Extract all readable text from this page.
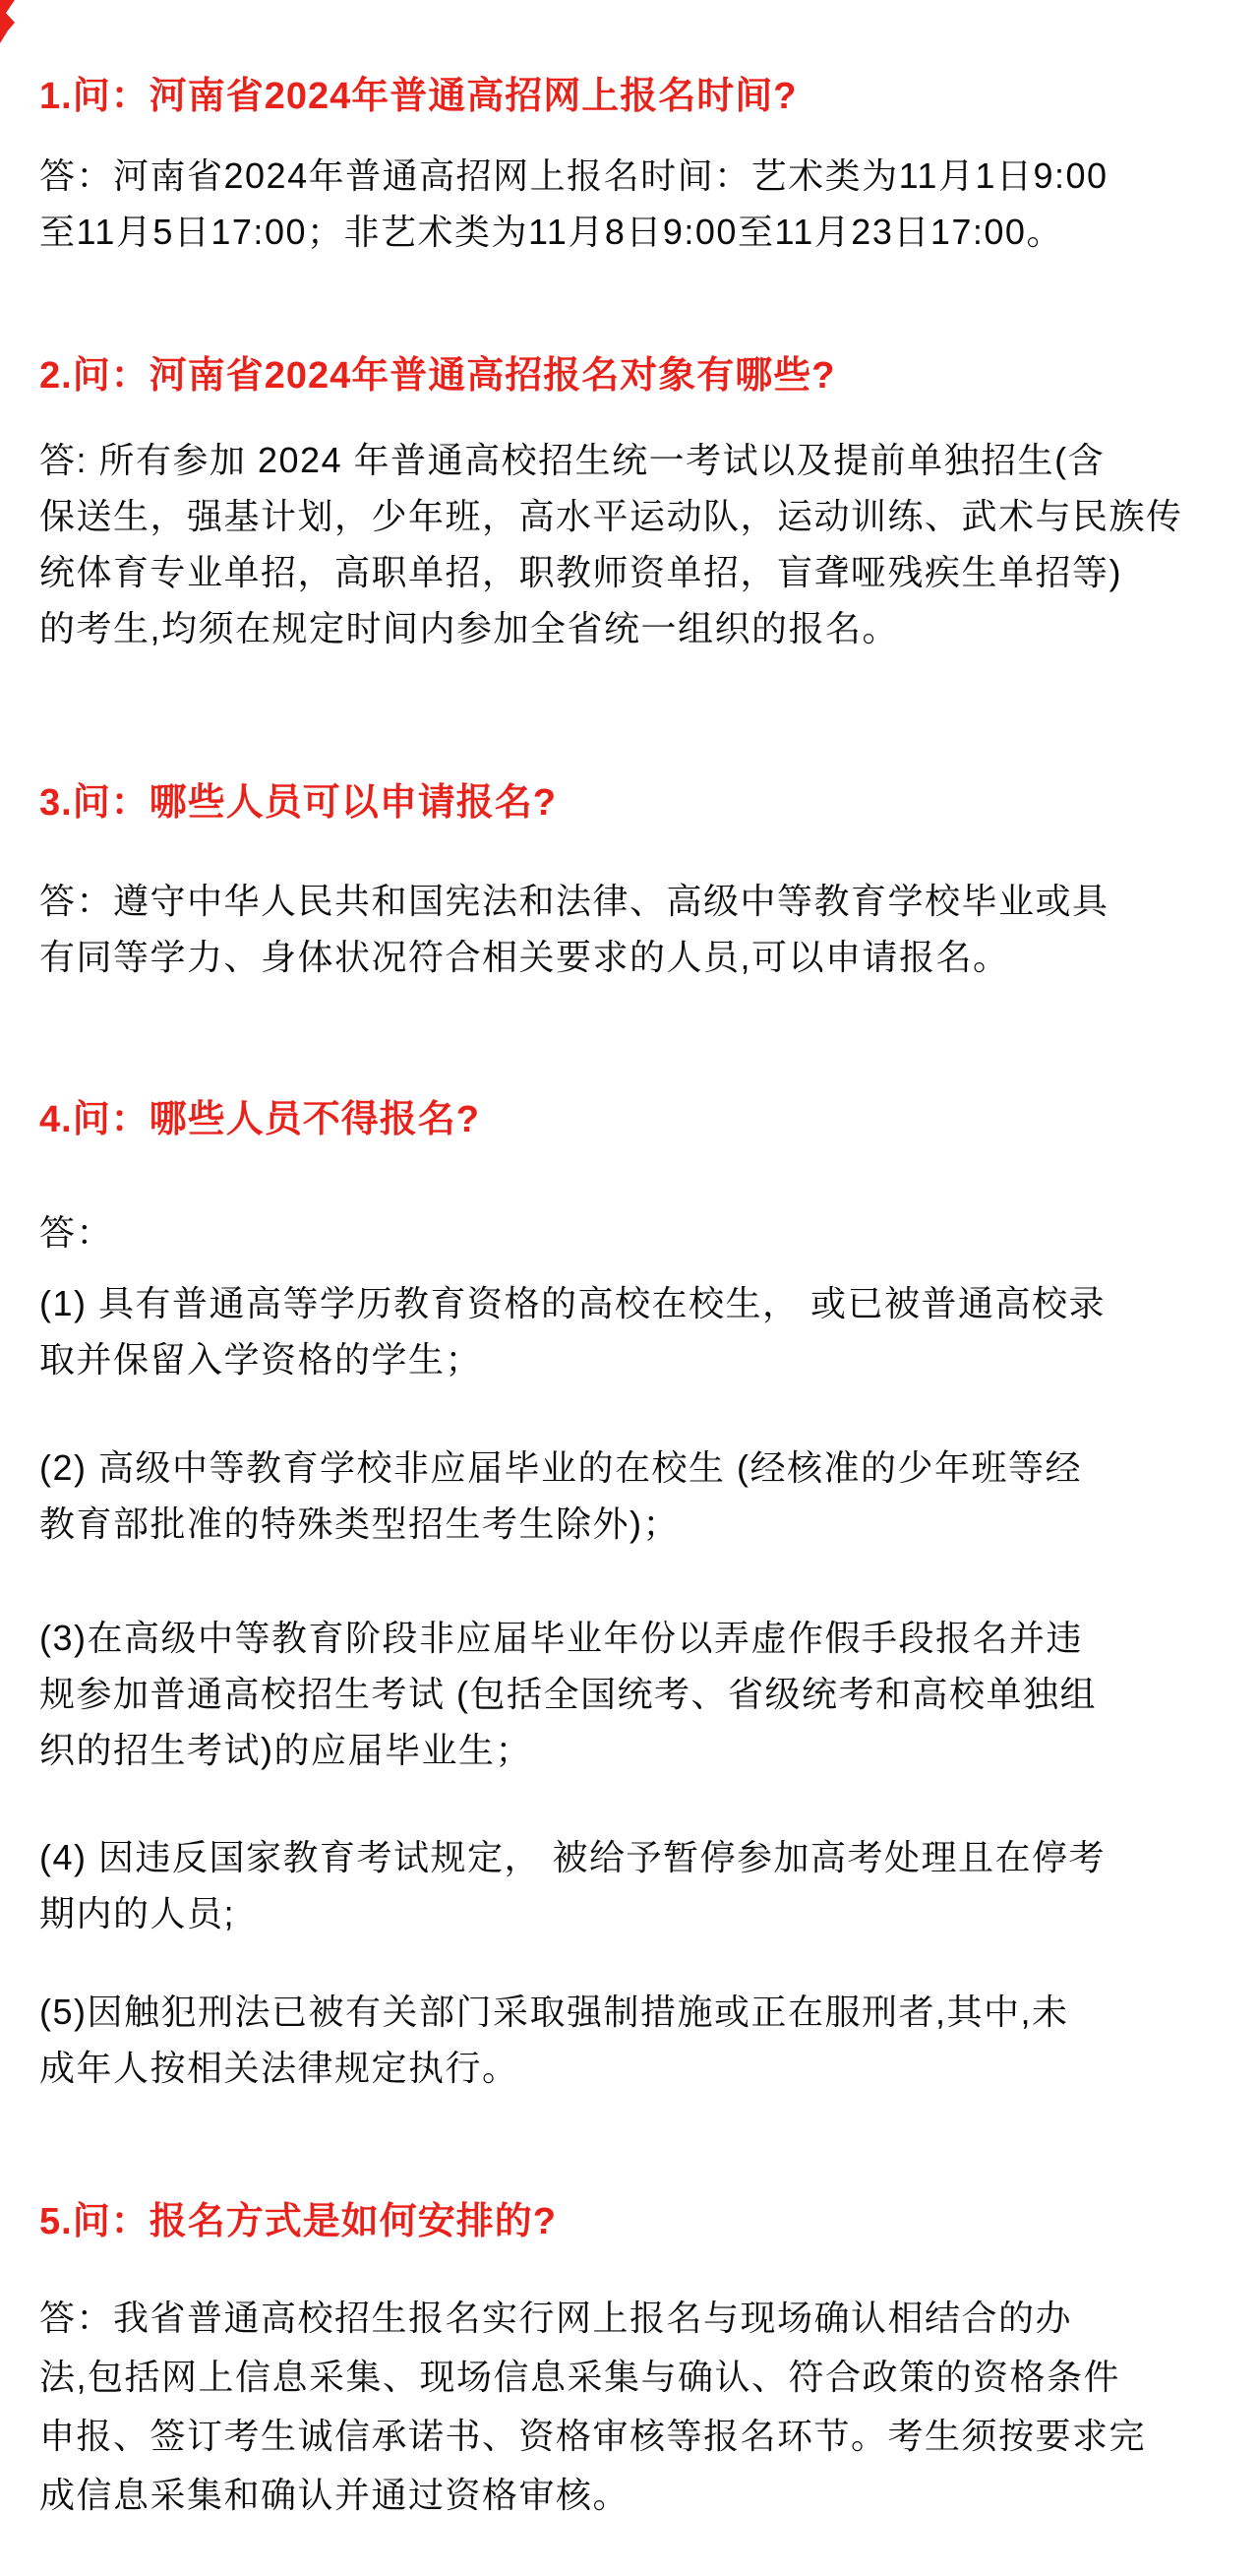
1.问：河南省2024年普通高招网上报名时间?

答：河南省2024年普通高招网上报名时间：艺术类为11月1日9:00
至11月5日17:00；非艺术类为11月8日9:00至11月23日17:00。

2.问：河南省2024年普通高招报名对象有哪些?

答: 所有参加 2024 年普通高校招生统一考试以及提前单独招生(含
保送生，强基计划，少年班，高水平运动队，运动训练、武术与民族传
统体育专业单招，高职单招，职教师资单招，盲聋哑残疾生单招等)
的考生,均须在规定时间内参加全省统一组织的报名。

3.问：哪些人员可以申请报名?

答：遵守中华人民共和国宪法和法律、高级中等教育学校毕业或具
有同等学力、身体状况符合相关要求的人员,可以申请报名。

4.问：哪些人员不得报名?

答：

(1) 具有普通高等学历教育资格的高校在校生， 或已被普通高校录
取并保留入学资格的学生；

(2) 高级中等教育学校非应届毕业的在校生 (经核准的少年班等经
教育部批准的特殊类型招生考生除外)；

(3)在高级中等教育阶段非应届毕业年份以弄虚作假手段报名并违
规参加普通高校招生考试 (包括全国统考、省级统考和高校单独组
织的招生考试)的应届毕业生；

(4) 因违反国家教育考试规定， 被给予暂停参加高考处理且在停考
期内的人员;

(5)因触犯刑法已被有关部门采取强制措施或正在服刑者,其中,未
成年人按相关法律规定执行。

5.问：报名方式是如何安排的?

答：我省普通高校招生报名实行网上报名与现场确认相结合的办
法,包括网上信息采集、现场信息采集与确认、符合政策的资格条件
申报、签订考生诚信承诺书、资格审核等报名环节。考生须按要求完
成信息采集和确认并通过资格审核。
